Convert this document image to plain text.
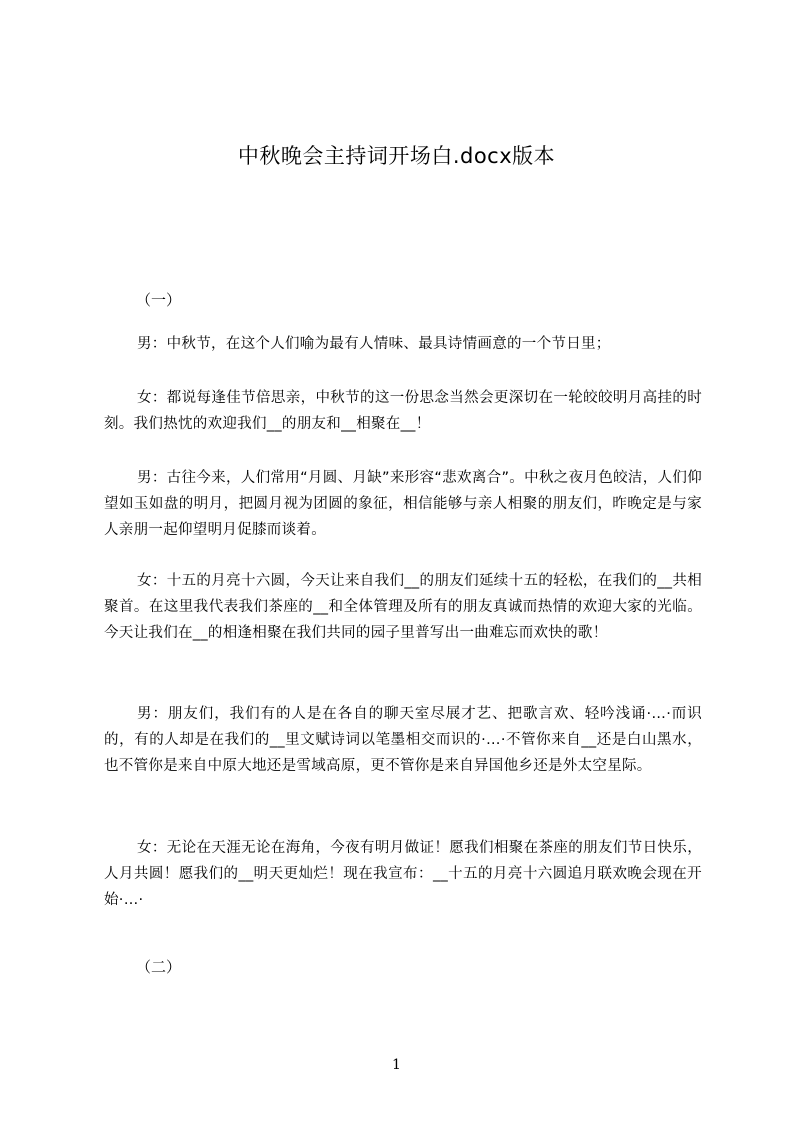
中秋晚会主持词开场白.docx版本
（一）

男：中秋节，在这个人们喻为最有人情味、最具诗情画意的一个节日里；

女：都说每逢佳节倍思亲，中秋节的这一份思念当然会更深切在一轮皎皎明月高挂的时刻。我们热忱的欢迎我们__的朋友和__相聚在__！

男：古往今来，人们常用“月圆、月缺”来形容“悲欢离合”。中秋之夜月色皎洁，人们仰望如玉如盘的明月，把圆月视为团圆的象征，相信能够与亲人相聚的朋友们，昨晚定是与家人亲朋一起仰望明月促膝而谈着。

女：十五的月亮十六圆，今天让来自我们__的朋友们延续十五的轻松，在我们的__共相聚首。在这里我代表我们茶座的__和全体管理及所有的朋友真诚而热情的欢迎大家的光临。今天让我们在__的相逢相聚在我们共同的园子里普写出一曲难忘而欢快的歌！

男：朋友们，我们有的人是在各自的聊天室尽展才艺、把歌言欢、轻吟浅诵·…·而识的，有的人却是在我们的__里文赋诗词以笔墨相交而识的·…·不管你来自__还是白山黑水，也不管你是来自中原大地还是雪域高原，更不管你是来自异国他乡还是外太空星际。

女：无论在天涯无论在海角，今夜有明月做证！愿我们相聚在茶座的朋友们节日快乐，人月共圆！愿我们的__明天更灿烂！现在我宣布：__十五的月亮十六圆追月联欢晚会现在开始·…·

（二）
1
